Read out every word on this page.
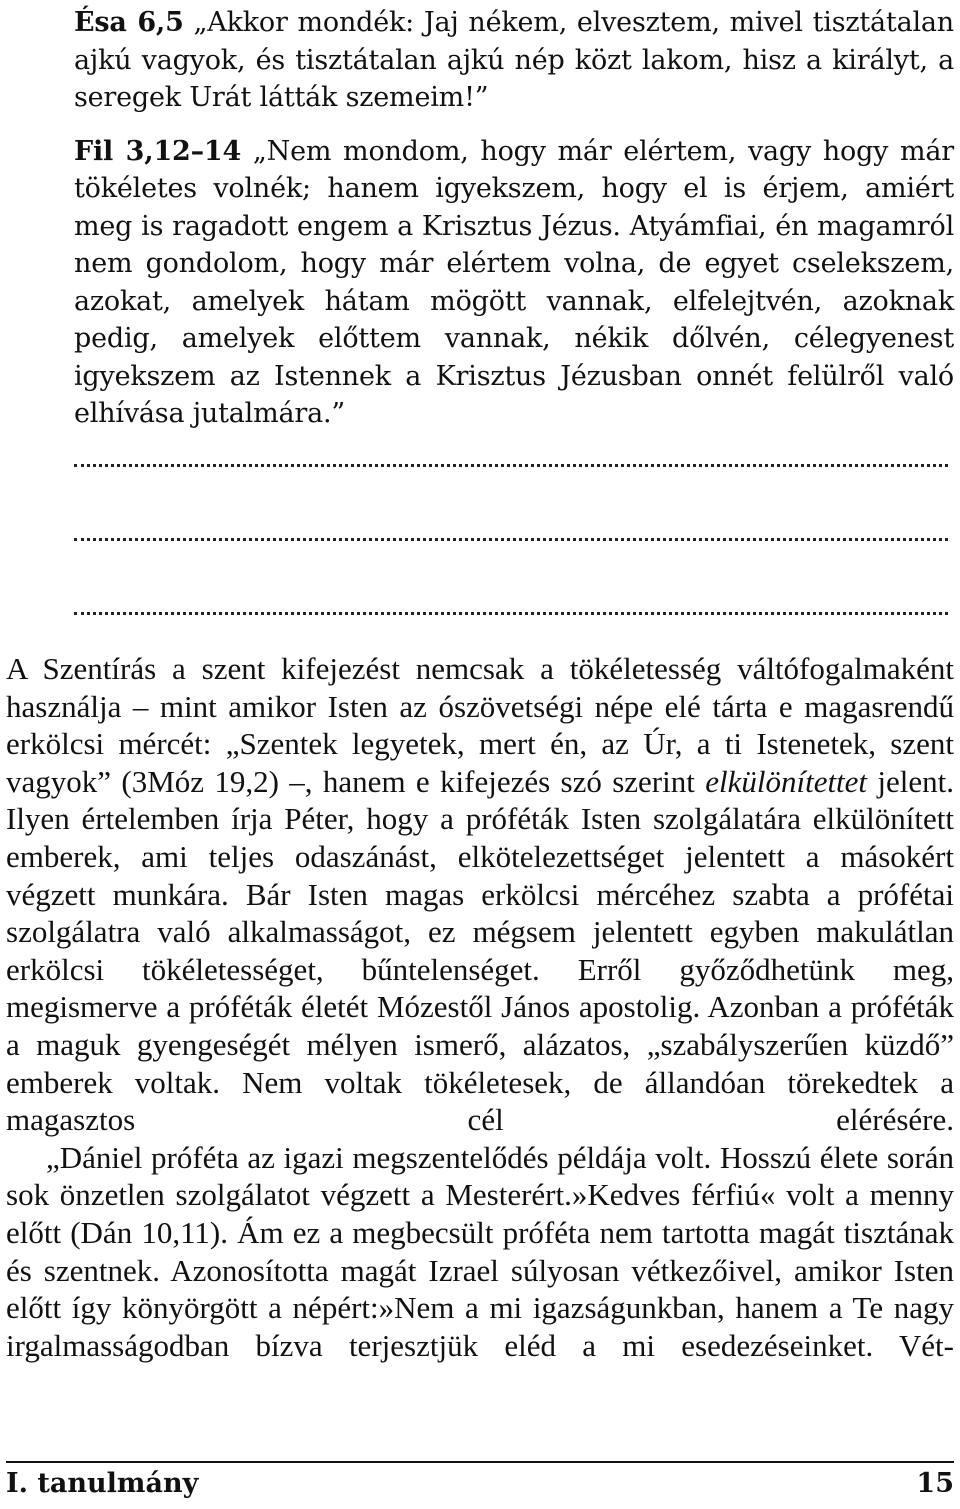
Ésa 6,5 „Akkor mondék: Jaj nékem, elvesztem, mivel tisztátalan ajkú vagyok, és tisztátalan ajkú nép közt lakom, hisz a királyt, a seregek Urát látták szemeim!”

Fil 3,12–14 „Nem mondom, hogy már elértem, vagy hogy már tökéletes volnék; hanem igyekszem, hogy el is érjem, amiért meg is ragadott engem a Krisztus Jézus. Atyámfiai, én magamról nem gondolom, hogy már elértem volna, de egyet cselekszem, azokat, amelyek hátam mögött vannak, elfelejtvén, azoknak pedig, amelyek előttem vannak, nékik dőlvén, célegyenest igyekszem az Istennek a Krisztus Jézusban onnét felülről való elhívása jutalmára.”

A Szentírás a szent kifejezést nemcsak a tökéletesség váltófogalmaként használja – mint amikor Isten az ószövetségi népe elé tárta e magasrendű erkölcsi mércét: „Szentek legyetek, mert én, az Úr, a ti Istenetek, szent vagyok” (3Móz 19,2) –, hanem e kifejezés szó szerint elkülönítettet jelent. Ilyen értelemben írja Péter, hogy a próféták Isten szolgálatára elkülönített emberek, ami teljes odaszánást, elkötelezettséget jelentett a másokért végzett munkára. Bár Isten magas erkölcsi mércéhez szabta a prófétai szolgálatra való alkalmasságot, ez mégsem jelentett egyben makulátlan erkölcsi tökéletességet, bűntelenséget. Erről győződhetünk meg, megismerve a próféták életét Mózestől János apostolig. Azonban a próféták a maguk gyengeségét mélyen ismerő, alázatos, „szabályszerűen küzdő” emberek voltak. Nem voltak tökéletesek, de állandóan törekedtek a magasztos cél elérésére.

„Dániel próféta az igazi megszentelődés példája volt. Hosszú élete során sok önzetlen szolgálatot végzett a Mesterért.»Kedves férfiú« volt a menny előtt (Dán 10,11). Ám ez a megbecsült próféta nem tartotta magát tisztának és szentnek. Azonosította magát Izrael súlyosan vétkezőivel, amikor Isten előtt így könyörgött a népért:»Nem a mi igazságunkban, hanem a Te nagy irgalmasságodban bízva terjesztjük eléd a mi esedezéseinket. Vét-

I. tanulmány	15
